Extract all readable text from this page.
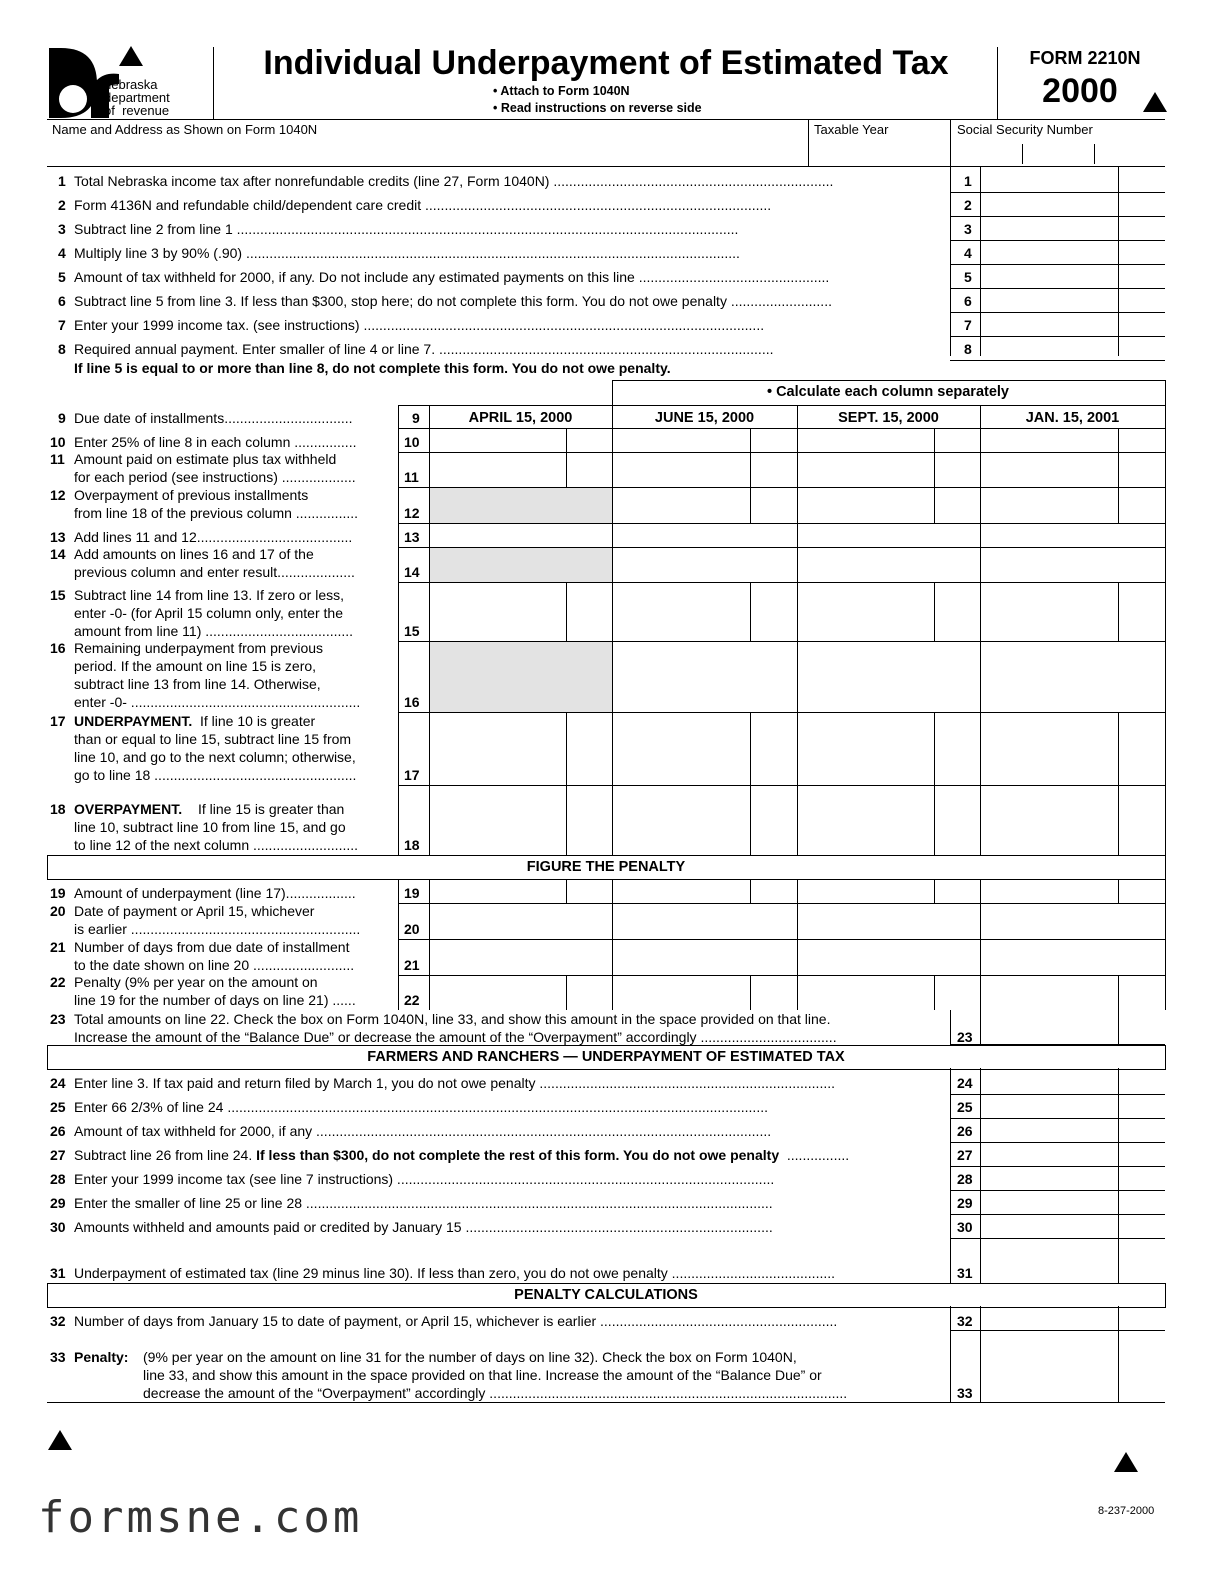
nebraska
department
of  revenue
Individual Underpayment of Estimated Tax
• Attach to Form 1040N
• Read instructions on reverse side
FORM 2210N
2000
Name and Address as Shown on Form 1040N	Taxable Year	Social Security Number
1 Total Nebraska income tax after nonrefundable credits (line 27, Form 1040N) ........................................................................	1
2 Form 4136N and refundable child/dependent care credit .........................................................................................	2
3 Subtract line 2 from line 1 .................................................................................................................................	3
4 Multiply line 3 by 90% (.90) ...............................................................................................................................	4
5 Amount of tax withheld for 2000, if any. Do not include any estimated payments on this line .................................................	5
6 Subtract line 5 from line 3. If less than $300, stop here; do not complete this form. You do not owe penalty ..........................	6
7 Enter your 1999 income tax. (see instructions) .......................................................................................................	7
8 Required annual payment. Enter smaller of line 4 or line 7. ......................................................................................	8
If line 5 is equal to or more than line 8, do not complete this form. You do not owe penalty.
• Calculate each column separately
APRIL 15, 2000	JUNE 15, 2000	SEPT. 15, 2000	JAN. 15, 2001
9 Due date of installments.................................	9
10 Enter 25% of line 8 in each column ................	10
11 Amount paid on estimate plus tax withheld
for each period (see instructions) ...................	11
12 Overpayment of previous installments
from line 18 of the previous column ................	12
13 Add lines 11 and 12........................................	13
14 Add amounts on lines 16 and 17 of the
previous column and enter result....................	14
15 Subtract line 14 from line 13. If zero or less,
enter -0- (for April 15 column only, enter the
amount from line 11) ......................................	15
16 Remaining underpayment from previous
period. If the amount on line 15 is zero,
subtract line 13 from line 14. Otherwise,
enter -0- ...........................................................	16
17 UNDERPAYMENT. If line 10 is greater
than or equal to line 15, subtract line 15 from
line 10, and go to the next column; otherwise,
go to line 18 ....................................................	17
18 OVERPAYMENT. If line 15 is greater than
line 10, subtract line 10 from line 15, and go
to line 12 of the next column ...........................	18
FIGURE THE PENALTY
19 Amount of underpayment (line 17)..................	19
20 Date of payment or April 15, whichever
is earlier ...........................................................	20
21 Number of days from due date of installment
to the date shown on line 20 ..........................	21
22 Penalty (9% per year on the amount on
line 19 for the number of days on line 21) ......	22
23 Total amounts on line 22. Check the box on Form 1040N, line 33, and show this amount in the space provided on that line.
Increase the amount of the “Balance Due” or decrease the amount of the “Overpayment” accordingly ...................................	23
FARMERS AND RANCHERS — UNDERPAYMENT OF ESTIMATED TAX
24 Enter line 3. If tax paid and return filed by March 1, you do not owe penalty ............................................................................	24
25 Enter 66 2/3% of line 24 ...........................................................................................................................................	25
26 Amount of tax withheld for 2000, if any .....................................................................................................................	26
27 Subtract line 26 from line 24. If less than $300, do not complete the rest of this form. You do not owe penalty  ................	27
28 Enter your 1999 income tax (see line 7 instructions) .................................................................................................	28
29 Enter the smaller of line 25 or line 28 ........................................................................................................................	29
30 Amounts withheld and amounts paid or credited by January 15 ...............................................................................	30
31 Underpayment of estimated tax (line 29 minus line 30). If less than zero, you do not owe penalty ..........................................	31
PENALTY CALCULATIONS
32 Number of days from January 15 to date of payment, or April 15, whichever is earlier .............................................................	32
33 Penalty: (9% per year on the amount on line 31 for the number of days on line 32). Check the box on Form 1040N,
line 33, and show this amount in the space provided on that line. Increase the amount of the “Balance Due” or
decrease the amount of the “Overpayment” accordingly ............................................................................................	33
formsne.com	8-237-2000
